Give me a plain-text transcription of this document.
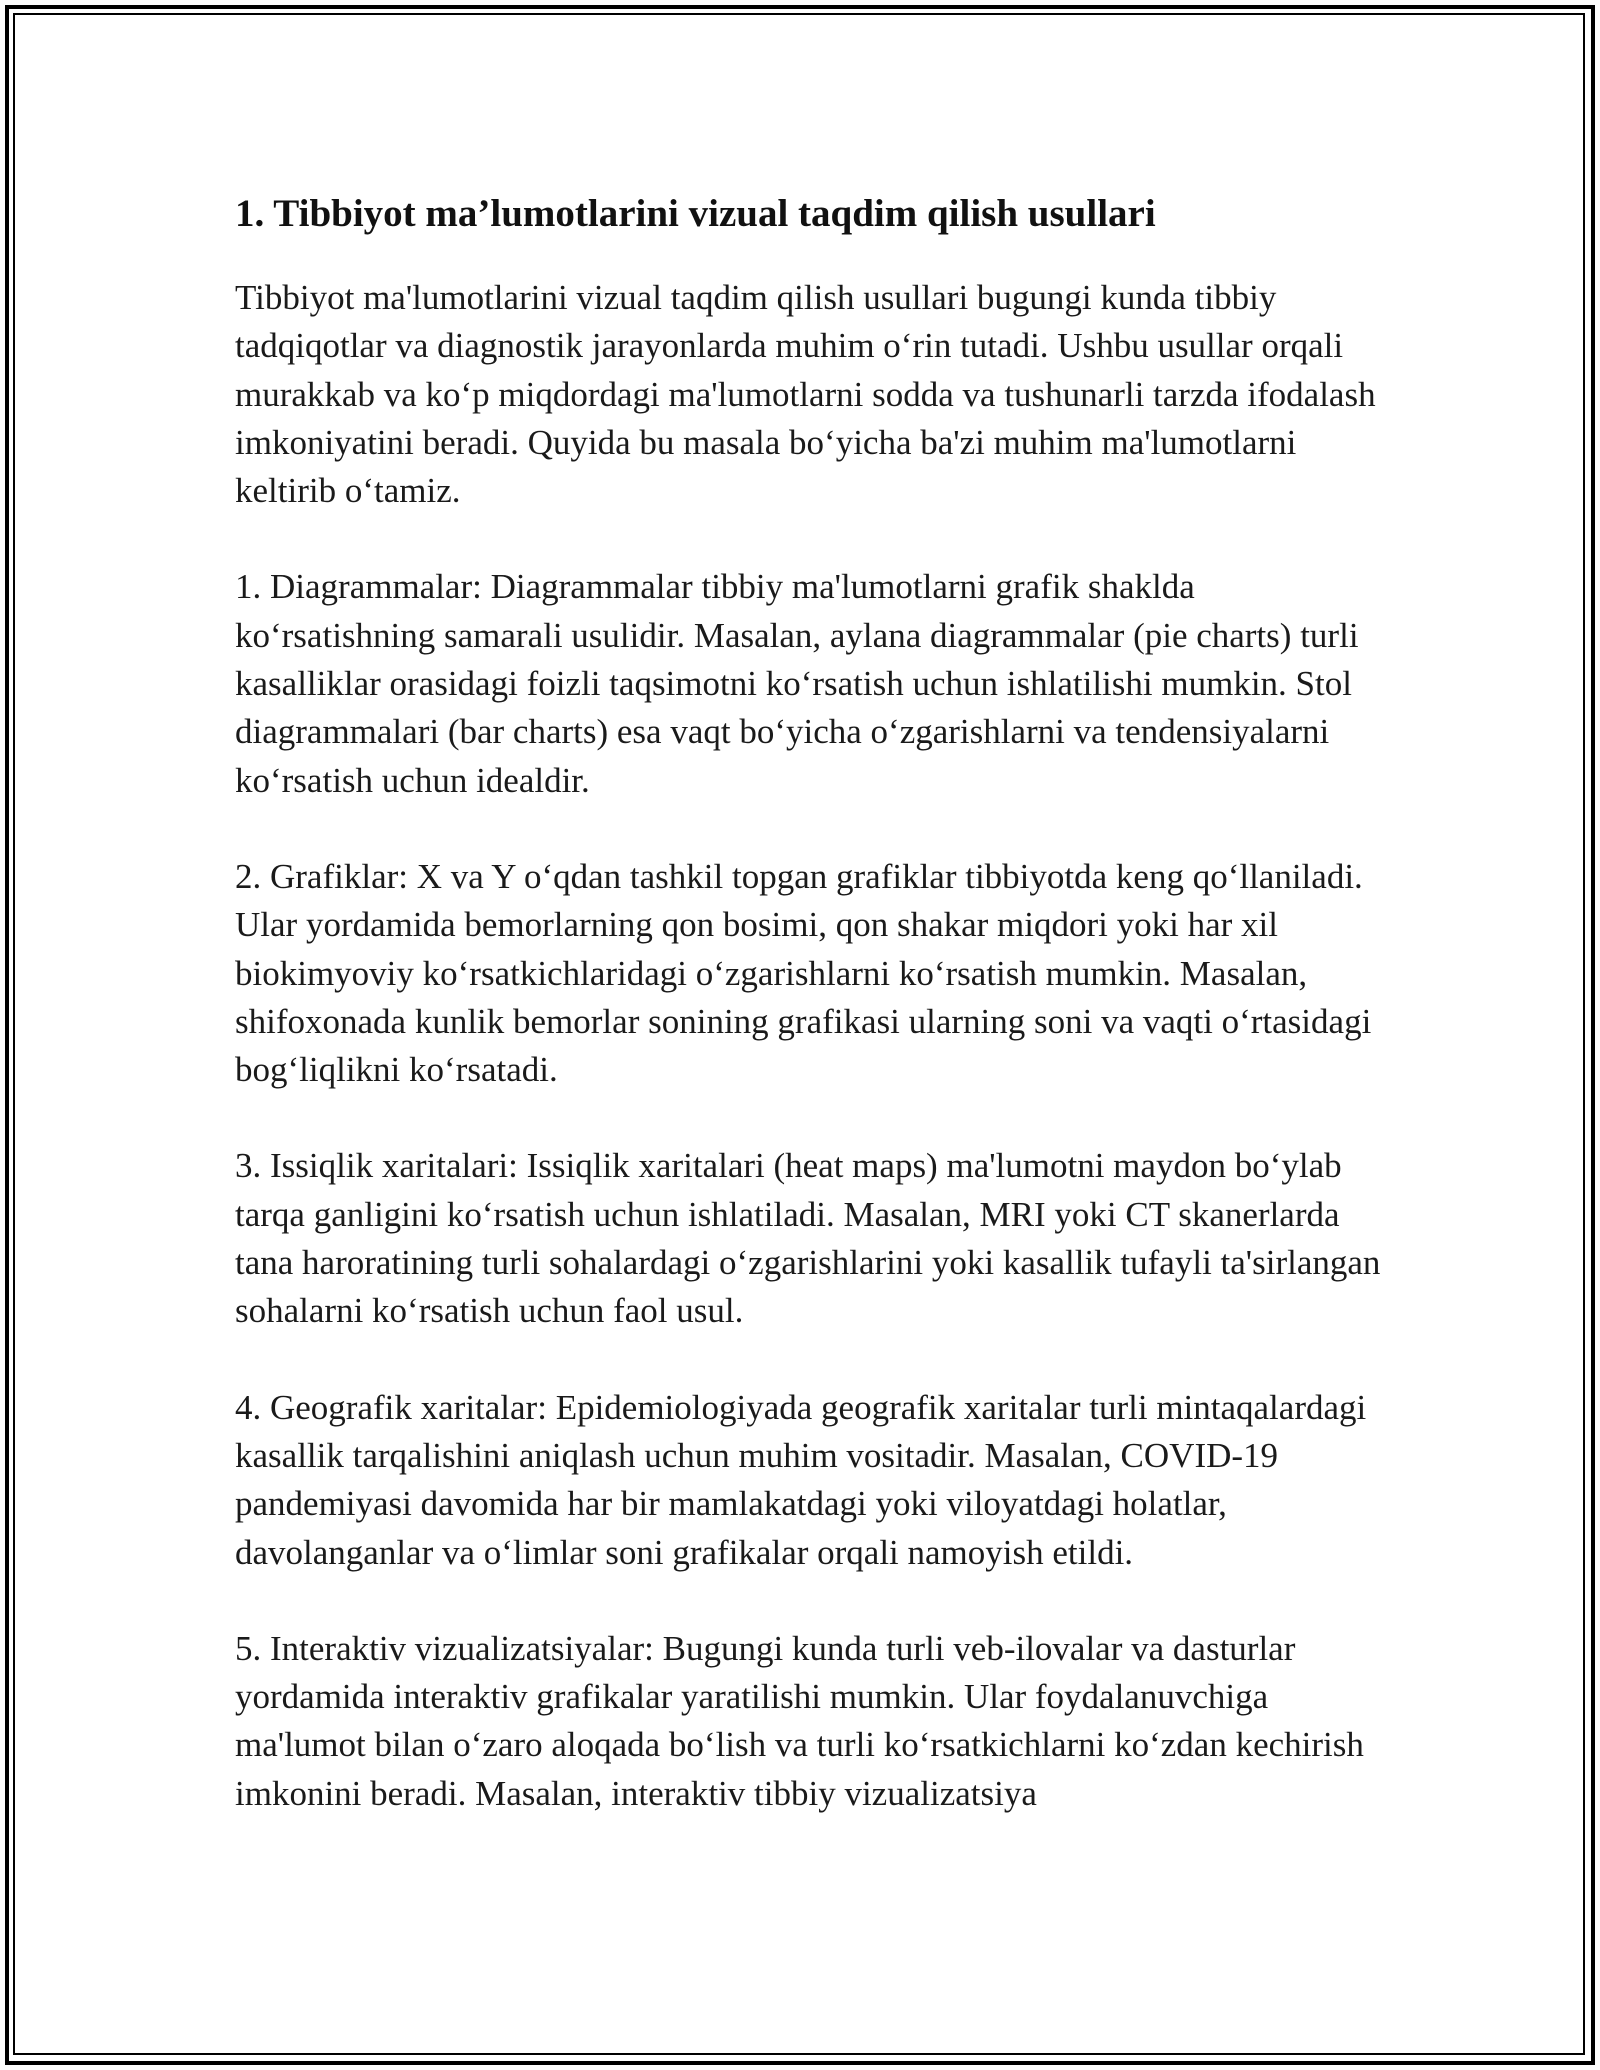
1. Tibbiyot ma’lumotlarini vizual taqdim qilish usullari

Tibbiyot ma'lumotlarini vizual taqdim qilish usullari bugungi kunda tibbiy tadqiqotlar va diagnostik jarayonlarda muhim o‘rin tutadi. Ushbu usullar orqali murakkab va ko‘p miqdordagi ma'lumotlarni sodda va tushunarli tarzda ifodalash imkoniyatini beradi. Quyida bu masala bo‘yicha ba'zi muhim ma'lumotlarni keltirib o‘tamiz.

1. Diagrammalar: Diagrammalar tibbiy ma'lumotlarni grafik shaklda ko‘rsatishning samarali usulidir. Masalan, aylana diagrammalar (pie charts) turli kasalliklar orasidagi foizli taqsimotni ko‘rsatish uchun ishlatilishi mumkin. Stol diagrammalari (bar charts) esa vaqt bo‘yicha o‘zgarishlarni va tendensiyalarni ko‘rsatish uchun idealdir.

2. Grafiklar: X va Y o‘qdan tashkil topgan grafiklar tibbiyotda keng qo‘llaniladi. Ular yordamida bemorlarning qon bosimi, qon shakar miqdori yoki har xil biokimyoviy ko‘rsatkichlaridagi o‘zgarishlarni ko‘rsatish mumkin. Masalan, shifoxonada kunlik bemorlar sonining grafikasi ularning soni va vaqti o‘rtasidagi bog‘liqlikni ko‘rsatadi.

3. Issiqlik xaritalari: Issiqlik xaritalari (heat maps) ma'lumotni maydon bo‘ylab tarqa ganligini ko‘rsatish uchun ishlatiladi. Masalan, MRI yoki CT skanerlarda tana haroratining turli sohalardagi o‘zgarishlarini yoki kasallik tufayli ta'sirlangan sohalarni ko‘rsatish uchun faol usul.

4. Geografik xaritalar: Epidemiologiyada geografik xaritalar turli mintaqalardagi kasallik tarqalishini aniqlash uchun muhim vositadir. Masalan, COVID-19 pandemiyasi davomida har bir mamlakatdagi yoki viloyatdagi holatlar, davolanganlar va o‘limlar soni grafikalar orqali namoyish etildi.

5. Interaktiv vizualizatsiyalar: Bugungi kunda turli veb-ilovalar va dasturlar yordamida interaktiv grafikalar yaratilishi mumkin. Ular foydalanuvchiga ma'lumot bilan o‘zaro aloqada bo‘lish va turli ko‘rsatkichlarni ko‘zdan kechirish imkonini beradi. Masalan, interaktiv tibbiy vizualizatsiya
